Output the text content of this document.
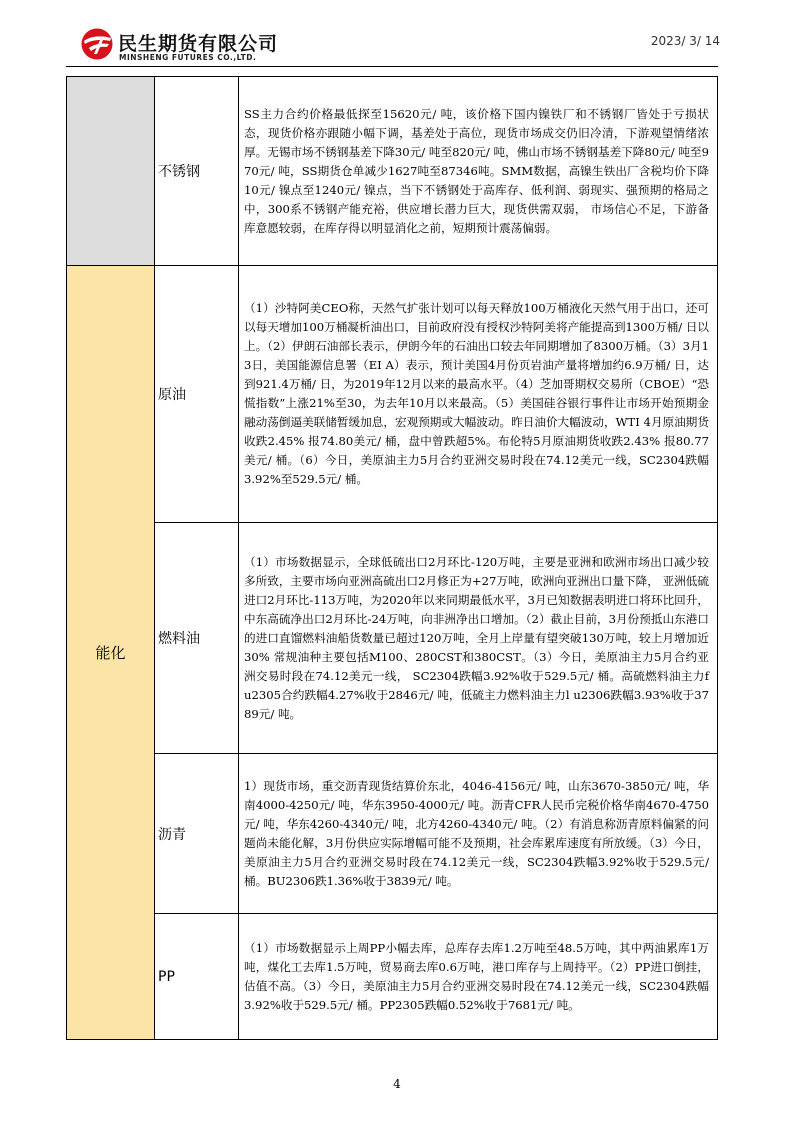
民生期货有限公司
MINSHENG FUTURES CO.,LTD.
2023/ 3/ 14
	不锈钢	SS主力合约价格最低探至15620元/ 吨，该价格下国内镍铁厂和不锈钢厂皆处于亏损状态，现货价格亦跟随小幅下调，基差处于高位，现货市场成交仍旧冷清，下游观望情绪浓厚。无锡市场不锈钢基差下降30元/ 吨至820元/ 吨，佛山市场不锈钢基差下降80元/ 吨至970元/ 吨，SS期货仓单减少1627吨至87346吨。SMM数据，高镍生铁出厂含税均价下降10元/ 镍点至1240元/ 镍点，当下不锈钢处于高库存、低利润、弱现实、强预期的格局之中，300系不锈钢产能充裕，供应增长潜力巨大，现货供需双弱， 市场信心不足，下游备库意愿较弱，在库存得以明显消化之前，短期预计震荡偏弱。
能化	原油	（1）沙特阿美CEO称，天然气扩张计划可以每天释放100万桶液化天然气用于出口，还可以每天增加100万桶凝析油出口，目前政府没有授权沙特阿美将产能提高到1300万桶/ 日以上。（2）伊朗石油部长表示，伊朗今年的石油出口较去年同期增加了8300万桶。（3）3月13日，美国能源信息署（EI A）表示，预计美国4月份页岩油产量将增加约6.9万桶/ 日，达到921.4万桶/ 日，为2019年12月以来的最高水平。（4）芝加哥期权交易所（CBOE）“恐慌指数”上涨21%至30，为去年10月以来最高。（5）美国硅谷银行事件让市场开始预期金融动荡倒逼美联储暂缓加息，宏观预期或大幅波动。昨日油价大幅波动，WTI 4月原油期货收跌2.45% 报74.80美元/ 桶，盘中曾跌超5%。布伦特5月原油期货收跌2.43% 报80.77美元/ 桶。（6）今日，美原油主力5月合约亚洲交易时段在74.12美元一线，SC2304跌幅3.92%至529.5元/ 桶。
	燃料油	（1）市场数据显示，全球低硫出口2月环比-120万吨，主要是亚洲和欧洲市场出口减少较多所致，主要市场向亚洲高硫出口2月修正为+27万吨，欧洲向亚洲出口量下降， 亚洲低硫进口2月环比-113万吨，为2020年以来同期最低水平，3月已知数据表明进口将环比回升，中东高硫净出口2月环比-24万吨，向非洲净出口增加。（2）截止目前，3月份预抵山东港口的进口直馏燃料油船货数量已超过120万吨，全月上岸量有望突破130万吨，较上月增加近30% 常规油种主要包括M100、280CST和380CST。（3）今日，美原油主力5月合约亚洲交易时段在74.12美元一线， SC2304跌幅3.92%收于529.5元/ 桶。高硫燃料油主力f u2305合约跌幅4.27%收于2846元/ 吨，低硫主力燃料油主力l u2306跌幅3.93%收于3789元/ 吨。
	沥青	1）现货市场，重交沥青现货结算价东北，4046-4156元/ 吨，山东3670-3850元/ 吨，华南4000-4250元/ 吨，华东3950-4000元/ 吨。沥青CFR人民币完税价格华南4670-4750元/ 吨，华东4260-4340元/ 吨，北方4260-4340元/ 吨。（2）有消息称沥青原料偏紧的问题尚未能化解，3月份供应实际增幅可能不及预期，社会库累库速度有所放缓。（3）今日，美原油主力5月合约亚洲交易时段在74.12美元一线，SC2304跌幅3.92%收于529.5元/ 桶。BU2306跌1.36%收于3839元/ 吨。
	PP	（1）市场数据显示上周PP小幅去库，总库存去库1.2万吨至48.5万吨，其中两油累库1万吨，煤化工去库1.5万吨，贸易商去库0.6万吨，港口库存与上周持平。（2）PP进口倒挂，估值不高。（3）今日，美原油主力5月合约亚洲交易时段在74.12美元一线，SC2304跌幅3.92%收于529.5元/ 桶。PP2305跌幅0.52%收于7681元/ 吨。
4
